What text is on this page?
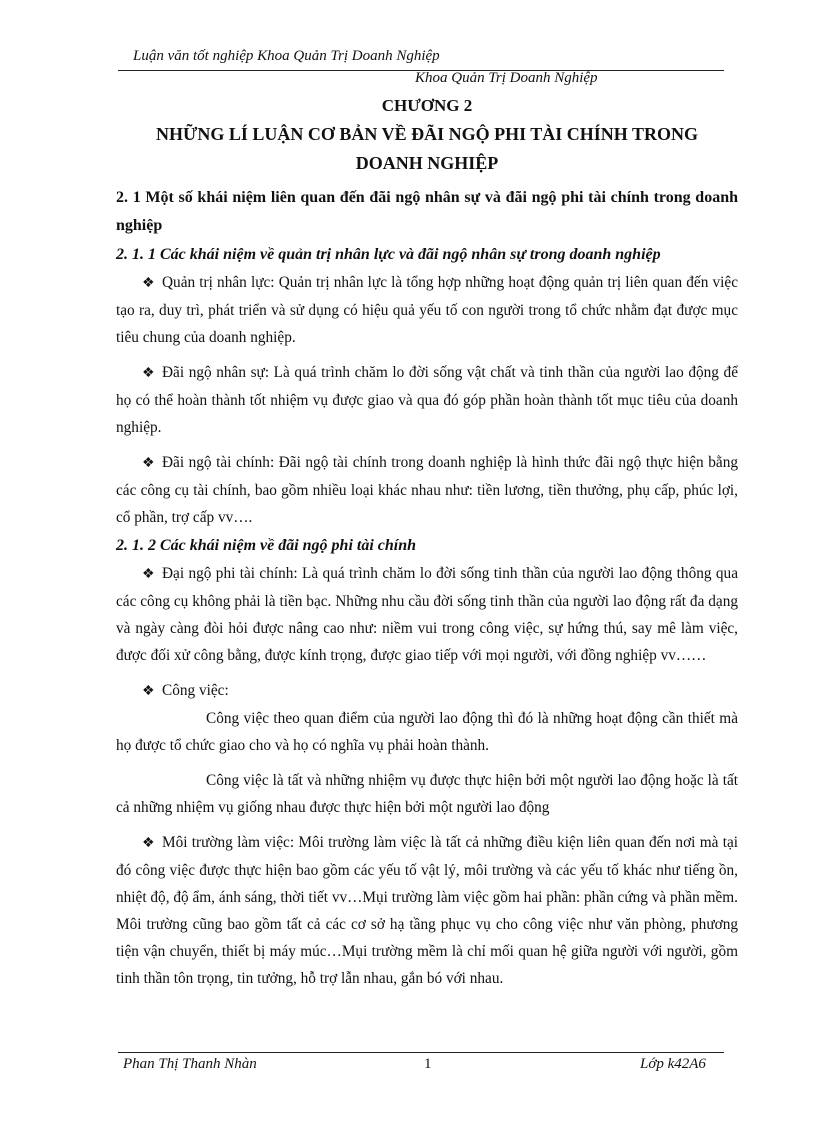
Luận văn tốt nghiệp Khoa Quản Trị Doanh Nghiệp
Khoa Quản Trị Doanh Nghiệp

CHƯƠNG 2

NHỮNG LÍ LUẬN CƠ BẢN VỀ ĐÃI NGỘ PHI TÀI CHÍNH TRONG

DOANH NGHIỆP

2. 1 Một số khái niệm liên quan đến đãi ngộ nhân sự và đãi ngộ phi tài chính trong doanh nghiệp

2. 1. 1 Các khái niệm về quản trị nhân lực và đãi ngộ nhân sự trong doanh nghiệp

❖ Quản trị nhân lực: Quản trị nhân lực là tổng hợp những hoạt động quản trị liên quan đến việc tạo ra, duy trì, phát triển và sử dụng có hiệu quả yếu tố con người trong tổ chức nhằm đạt được mục tiêu chung của doanh nghiệp.

❖ Đãi ngộ nhân sự: Là quá trình chăm lo đời sống vật chất và tinh thần của người lao động để họ có thể hoàn thành tốt nhiệm vụ được giao và qua đó góp phần hoàn thành tốt mục tiêu của doanh nghiệp.

❖ Đãi ngộ tài chính: Đãi ngộ tài chính trong doanh nghiệp là hình thức đãi ngộ thực hiện bằng các công cụ tài chính, bao gồm nhiều loại khác nhau như: tiền lương, tiền thưởng, phụ cấp, phúc lợi, cổ phần, trợ cấp vv….

2. 1. 2 Các khái niệm về đãi ngộ phi tài chính

❖ Đại ngộ phi tài chính: Là quá trình chăm lo đời sống tinh thần của người lao động thông qua các công cụ không phải là tiền bạc. Những nhu cầu đời sống tinh thần của người lao động rất đa dạng và ngày càng đòi hỏi được nâng cao như: niềm vui trong công việc, sự hứng thú, say mê làm việc, được đối xử công bằng, được kính trọng, được giao tiếp với mọi người, với đồng nghiệp vv……

❖ Công việc:

Công việc theo quan điểm của người lao động thì đó là những hoạt động cần thiết mà họ được tổ chức giao cho và họ có nghĩa vụ phải hoàn thành.

Công việc là tất và những nhiệm vụ được thực hiện bởi một người lao động hoặc là tất cả những nhiệm vụ giống nhau được thực hiện bởi một người lao động

❖ Môi trường làm việc: Môi trường làm việc là tất cả những điều kiện liên quan đến nơi mà tại đó công việc được thực hiện bao gồm các yếu tố vật lý, môi trường và các yếu tố khác như tiếng ồn, nhiệt độ, độ ẩm, ánh sáng, thời tiết vv…Mụi trường làm việc gồm hai phần: phần cứng và phần mềm. Môi trường cũng bao gồm tất cả các cơ sở hạ tầng phục vụ cho công việc như văn phòng, phương tiện vận chuyển, thiết bị máy múc…Mụi trường mềm là chỉ mối quan hệ giữa người với người, gồm tinh thần tôn trọng, tin tưởng, hỗ trợ lẫn nhau, gắn bó với nhau.

Phan Thị Thanh Nhàn	1	Lớp k42A6
